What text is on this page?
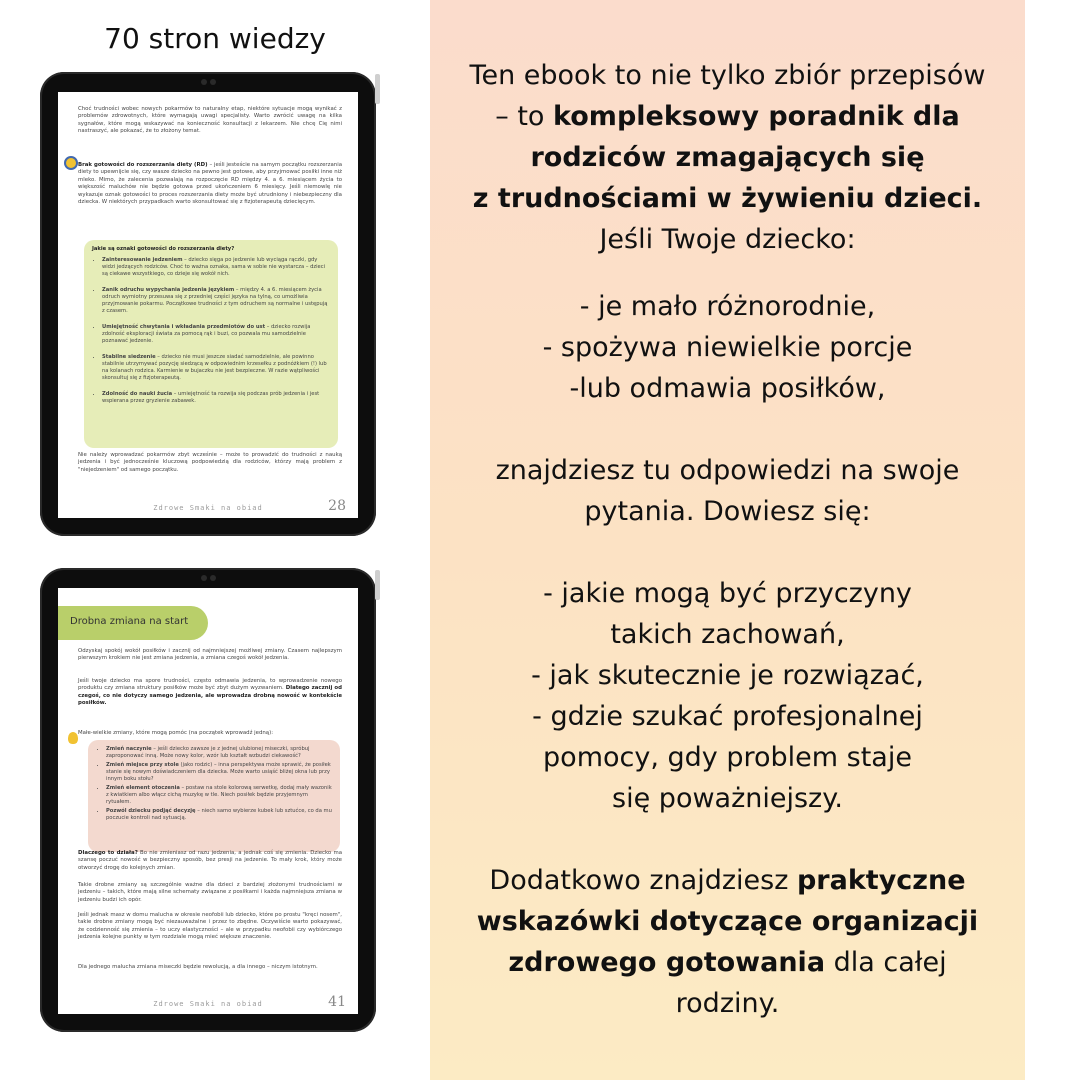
70 stron wiedzy
Choć trudności wobec nowych pokarmów to naturalny etap, niektóre sytuacje mogą wynikać z problemów zdrowotnych, które wymagają uwagi specjalisty. Warto zwrócić uwagę na kilka sygnałów, które mogą wskazywać na konieczność konsultacji z lekarzem. Nie chcę Cię nimi nastraszyć, ale pokazać, że to złożony temat.
Brak gotowości do rozszerzania diety (RD) – jeśli jesteście na samym początku rozszerzania diety to upewnijcie się, czy wasze dziecko na pewno jest gotowe, aby przyjmować posiłki inne niż mleko. Mimo, że zalecenia pozwalają na rozpoczęcie RD między 4. a 6. miesiącem życia to większość maluchów nie będzie gotowa przed ukończeniem 6 miesięcy. Jeśli niemowlę nie wykazuje oznak gotowości to proces rozszerzania diety może być utrudniony i niebezpieczny dla dziecka. W niektórych przypadkach warto skonsultować się z fizjoterapeutą dziecięcym.
Jakie są oznaki gotowości do rozszerzania diety?
• Zainteresowanie jedzeniem – dziecko sięga po jedzenie lub wyciąga rączki, gdy widzi jedzących rodziców. Choć to ważna oznaka, sama w sobie nie wystarcza – dzieci są ciekawe wszystkiego, co dzieje się wokół nich.
• Zanik odruchu wypychania jedzenia językiem – między 4. a 6. miesiącem życia odruch wymiotny przesuwa się z przedniej części języka na tylną, co umożliwia przyjmowanie pokarmu. Początkowe trudności z tym odruchem są normalne i ustępują z czasem.
• Umiejętność chwytania i wkładania przedmiotów do ust – dziecko rozwija zdolność eksploracji świata za pomocą rąk i buzi, co pozwala mu samodzielnie poznawać jedzenie.
• Stabilne siedzenie – dziecko nie musi jeszcze siadać samodzielnie, ale powinno stabilnie utrzymywać pozycję siedzącą w odpowiednim krzesełku z podnóżkiem (!) lub na kolanach rodzica. Karmienie w bujaczku nie jest bezpieczne. W razie wątpliwości skonsultuj się z fizjoterapeutą.
• Zdolność do nauki żucia – umiejętność ta rozwija się podczas prób jedzenia i jest wspierana przez gryzienie zabawek.
Nie należy wprowadzać pokarmów zbyt wcześnie – może to prowadzić do trudności z nauką jedzenia i być jednocześnie kluczową podpowiedzią dla rodziców, którzy mają problem z "niejedzeniem" od samego początku.
Zdrowe Smaki na obiad	28
Drobna zmiana na start
Odzyskaj spokój wokół posiłków i zacznij od najmniejszej możliwej zmiany. Czasem najlepszym pierwszym krokiem nie jest zmiana jedzenia, a zmiana czegoś wokół jedzenia.
Jeśli twoje dziecko ma spore trudności, często odmawia jedzenia, to wprowadzenie nowego produktu czy zmiana struktury posiłków może być zbyt dużym wyzwaniem. Dlatego zacznij od czegoś, co nie dotyczy samego jedzenia, ale wprowadza drobną nowość w kontekście posiłków.
Małe-wielkie zmiany, które mogą pomóc (na początek wprowadź jedną):
• Zmień naczynie – jeśli dziecko zawsze je z jednej ulubionej miseczki, spróbuj zaproponować inną. Może nowy kolor, wzór lub kształt wzbudzi ciekawość?
• Zmień miejsce przy stole (jako rodzic) – inna perspektywa może sprawić, że posiłek stanie się nowym doświadczeniem dla dziecka. Może warto usiąść bliżej okna lub przy innym boku stołu?
• Zmień element otoczenia – postaw na stole kolorową serwetkę, dodaj mały wazonik z kwiatkiem albo włącz cichą muzykę w tle. Niech posiłek będzie przyjemnym rytuałem.
• Pozwól dziecku podjąć decyzję – niech samo wybierze kubek lub sztućce, co da mu poczucie kontroli nad sytuacją.
Dlaczego to działa? Bo nie zmieniasz od razu jedzenia, a jednak coś się zmienia. Dziecko ma szansę poczuć nowość w bezpieczny sposób, bez presji na jedzenie. To mały krok, który może otworzyć drogę do kolejnych zmian.
Takie drobne zmiany są szczególnie ważne dla dzieci z bardziej złożonymi trudnościami w jedzeniu – takich, które mają silne schematy związane z posiłkami i każda najmniejsza zmiana w jedzeniu budzi ich opór.
Jeśli jednak masz w domu malucha w okresie neofobii lub dziecko, które po prostu "kręci nosem", takie drobne zmiany mogą być niezauważalne i przez to zbędne. Oczywiście warto pokazywać, że codzienność się zmienia – to uczy elastyczności – ale w przypadku neofobii czy wybiórczego jedzenia kolejne punkty w tym rozdziale mogą mieć większe znaczenie.
Dla jednego malucha zmiana miseczki będzie rewolucją, a dla innego – niczym istotnym.
Zdrowe Smaki na obiad	41
Ten ebook to nie tylko zbiór przepisów
– to kompleksowy poradnik dla
rodziców zmagających się
z trudnościami w żywieniu dzieci.
Jeśli Twoje dziecko:
- je mało różnorodnie,
- spożywa niewielkie porcje
-lub odmawia posiłków,
znajdziesz tu odpowiedzi na swoje
pytania. Dowiesz się:
- jakie mogą być przyczyny
takich zachowań,
- jak skutecznie je rozwiązać,
- gdzie szukać profesjonalnej
pomocy, gdy problem staje
się poważniejszy.
Dodatkowo znajdziesz praktyczne
wskazówki dotyczące organizacji
zdrowego gotowania dla całej
rodziny.
